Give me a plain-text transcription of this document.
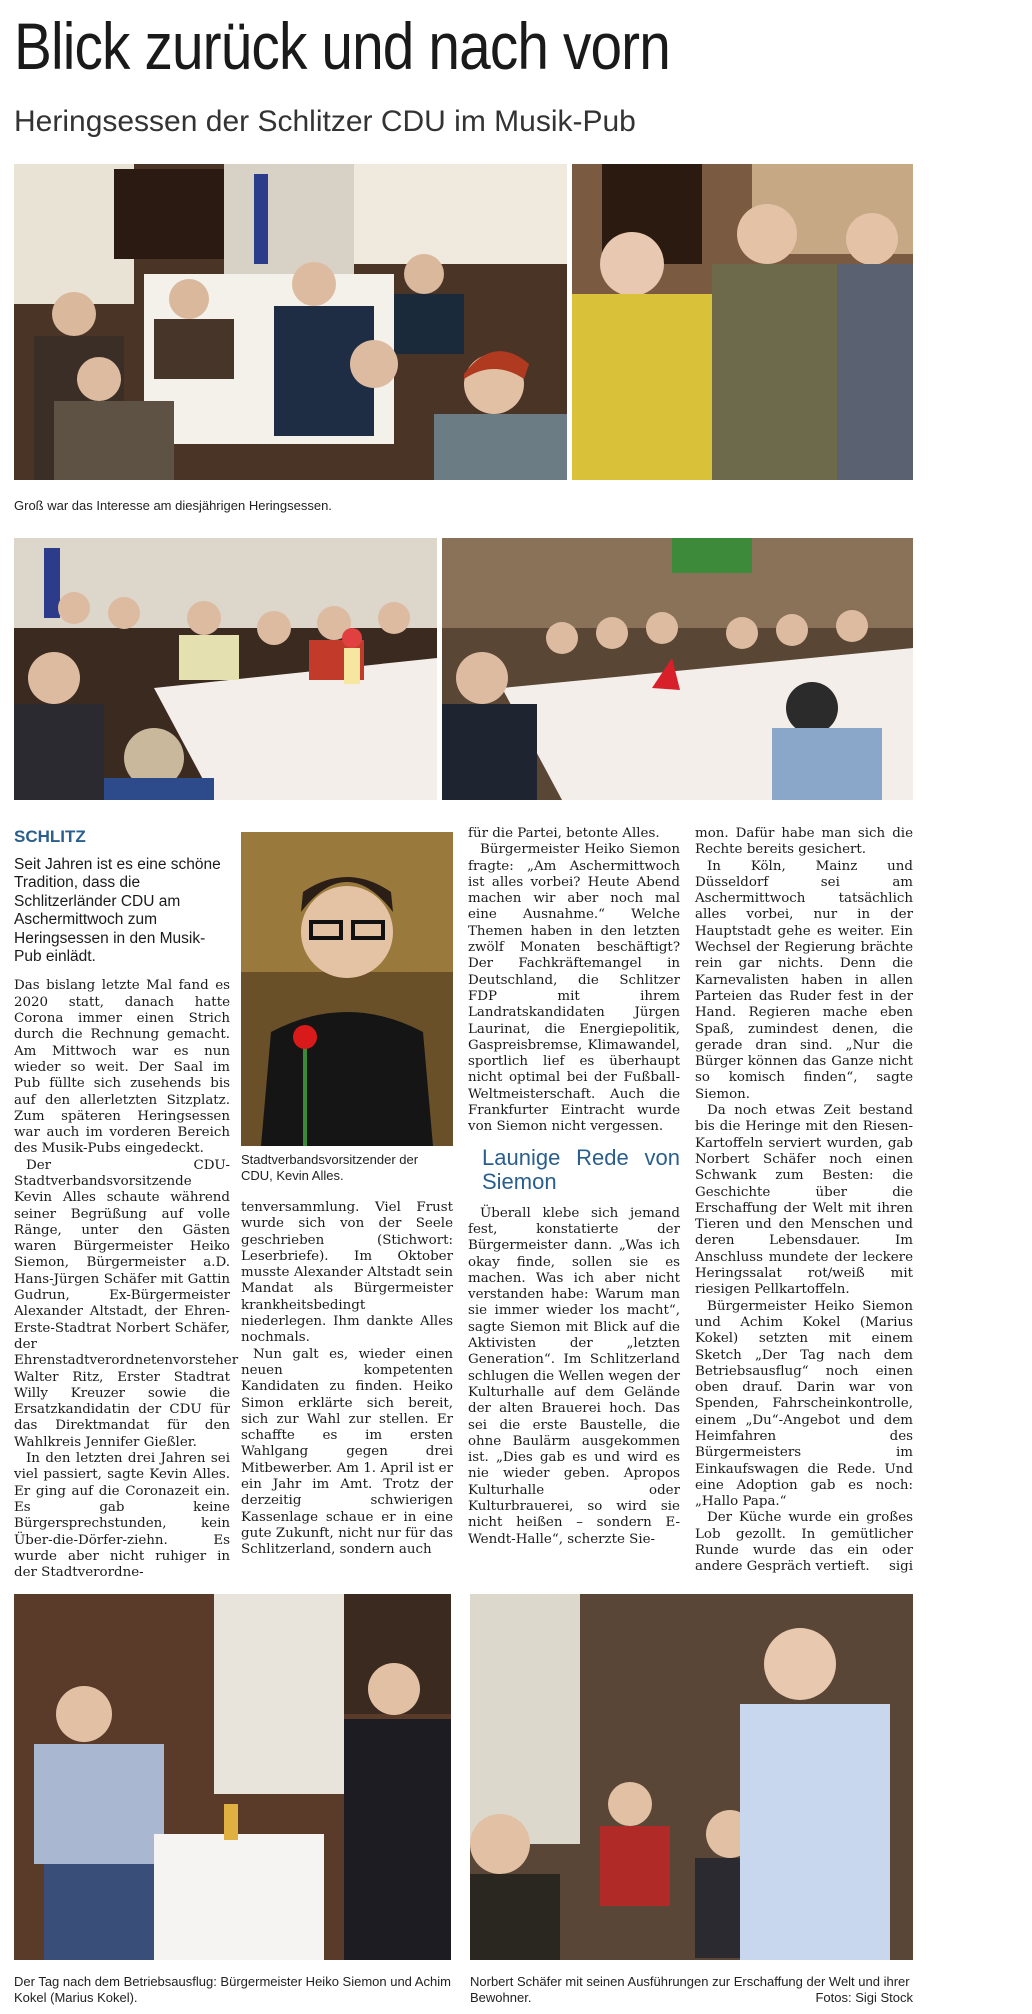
Blick zurück und nach vorn
Heringsessen der Schlitzer CDU im Musik-Pub
Groß war das Interesse am diesjährigen Heringsessen.
Stadtverbandsvorsitzender der CDU, Kevin Alles.
SCHLITZ
Seit Jahren ist es eine schöne Tradition, dass die Schlitzerländer CDU am Aschermittwoch zum Heringsessen in den Musik-Pub einlädt.

Das bislang letzte Mal fand es 2020 statt, danach hatte Corona immer einen Strich durch die Rechnung gemacht. Am Mittwoch war es nun wieder so weit. Der Saal im Pub füllte sich zusehends bis auf den allerletzten Sitzplatz. Zum späteren Heringsessen war auch im vorderen Bereich des Musik-Pubs eingedeckt.

Der CDU-Stadtverbandsvorsitzende Kevin Alles schaute während seiner Begrüßung auf volle Ränge, unter den Gästen waren Bürgermeister Heiko Siemon, Bürgermeister a.D. Hans-Jürgen Schäfer mit Gattin Gudrun, Ex-Bürgermeister Alexander Altstadt, der Ehren-Erste-Stadtrat Norbert Schäfer, der Ehrenstadtverordnetenvorsteher Walter Ritz, Erster Stadtrat Willy Kreuzer sowie die Ersatzkandidatin der CDU für das Direktmandat für den Wahlkreis Jennifer Gießler.

In den letzten drei Jahren sei viel passiert, sagte Kevin Alles. Er ging auf die Coronazeit ein. Es gab keine Bürgersprechstunden, kein Über-die-Dörfer-ziehn. Es wurde aber nicht ruhiger in der Stadtverordne-

tenversammlung. Viel Frust wurde sich von der Seele geschrieben (Stichwort: Leserbriefe). Im Oktober musste Alexander Altstadt sein Mandat als Bürgermeister krankheitsbedingt niederlegen. Ihm dankte Alles nochmals.

Nun galt es, wieder einen neuen kompetenten Kandidaten zu finden. Heiko Simon erklärte sich bereit, sich zur Wahl zur stellen. Er schaffte es im ersten Wahlgang gegen drei Mitbewerber. Am 1. April ist er ein Jahr im Amt. Trotz der derzeitig schwierigen Kassenlage schaue er in eine gute Zukunft, nicht nur für das Schlitzerland, sondern auch

für die Partei, betonte Alles.

Bürgermeister Heiko Siemon fragte: „Am Aschermittwoch ist alles vorbei? Heute Abend machen wir aber noch mal eine Ausnahme.“ Welche Themen haben in den letzten zwölf Monaten beschäftigt? Der Fachkräftemangel in Deutschland, die Schlitzer FDP mit ihrem Landratskandidaten Jürgen Laurinat, die Energiepolitik, Gaspreisbremse, Klimawandel, sportlich lief es überhaupt nicht optimal bei der Fußball-Weltmeisterschaft. Auch die Frankfurter Eintracht wurde von Siemon nicht vergessen.

Launige Rede von Siemon

Überall klebe sich jemand fest, konstatierte der Bürgermeister dann. „Was ich okay finde, sollen sie es machen. Was ich aber nicht verstanden habe: Warum man sie immer wieder los macht“, sagte Siemon mit Blick auf die Aktivisten der „letzten Generation“. Im Schlitzerland schlugen die Wellen wegen der Kulturhalle auf dem Gelände der alten Brauerei hoch. Das sei die erste Baustelle, die ohne Baulärm ausgekommen ist. „Dies gab es und wird es nie wieder geben. Apropos Kulturhalle oder Kulturbrauerei, so wird sie nicht heißen – sondern E-Wendt-Halle“, scherzte Sie-

mon. Dafür habe man sich die Rechte bereits gesichert.

In Köln, Mainz und Düsseldorf sei am Aschermittwoch tatsächlich alles vorbei, nur in der Hauptstadt gehe es weiter. Ein Wechsel der Regierung brächte rein gar nichts. Denn die Karnevalisten haben in allen Parteien das Ruder fest in der Hand. Regieren mache eben Spaß, zumindest denen, die gerade dran sind. „Nur die Bürger können das Ganze nicht so komisch finden“, sagte Siemon.

Da noch etwas Zeit bestand bis die Heringe mit den Riesen-Kartoffeln serviert wurden, gab Norbert Schäfer noch einen Schwank zum Besten: die Geschichte über die Erschaffung der Welt mit ihren Tieren und den Menschen und deren Lebensdauer. Im Anschluss mundete der leckere Heringssalat rot/weiß mit riesigen Pellkartoffeln.

Bürgermeister Heiko Siemon und Achim Kokel (Marius Kokel) setzten mit einem Sketch „Der Tag nach dem Betriebsausflug“ noch einen oben drauf. Darin war von Spenden, Fahrscheinkontrolle, einem „Du“-Angebot und dem Heimfahren des Bürgermeisters im Einkaufswagen die Rede. Und eine Adoption gab es noch: „Hallo Papa.“

Der Küche wurde ein großes Lob gezollt. In gemütlicher Runde wurde das ein oder andere Gespräch vertieft.	sigi

Der Tag nach dem Betriebsausflug: Bürgermeister Heiko Siemon und Achim Kokel (Marius Kokel).
Norbert Schäfer mit seinen Ausführungen zur Erschaffung der Welt und ihrer Bewohner.	Fotos: Sigi Stock
